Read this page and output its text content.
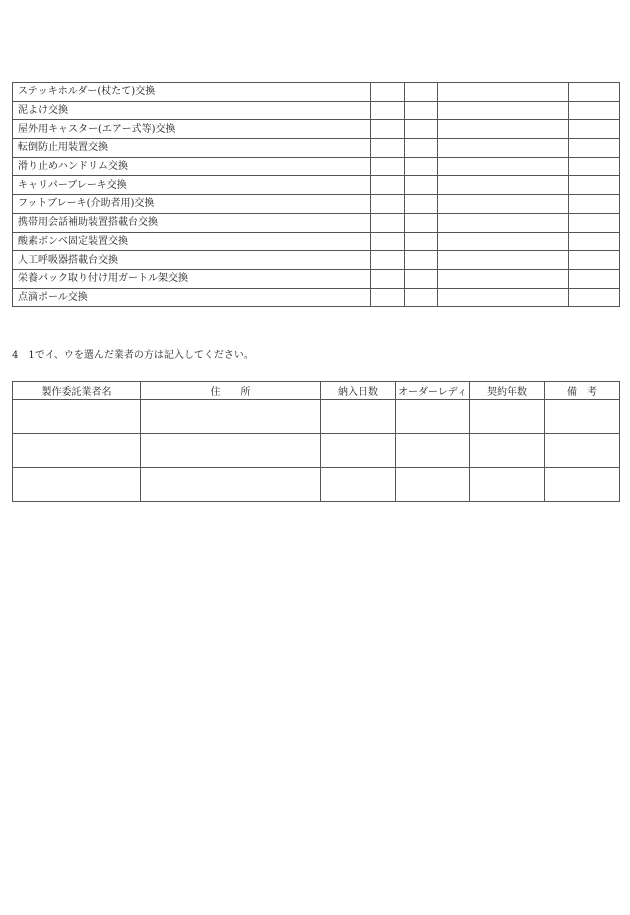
ステッキホルダー(杖たて)交換				
泥よけ交換				
屋外用キャスター(エアー式等)交換				
転倒防止用装置交換				
滑り止めハンドリム交換				
キャリパーブレーキ交換				
フットブレーキ(介助者用)交換				
携帯用会話補助装置搭載台交換				
酸素ボンベ固定装置交換				
人工呼吸器搭載台交換				
栄養パック取り付け用ガートル架交換				
点滴ポール交換				
4　1でイ、ウを選んだ業者の方は記入してください。
製作委託業者名	住　　所	納入日数	オーダーレディ	契約年数	備　考
